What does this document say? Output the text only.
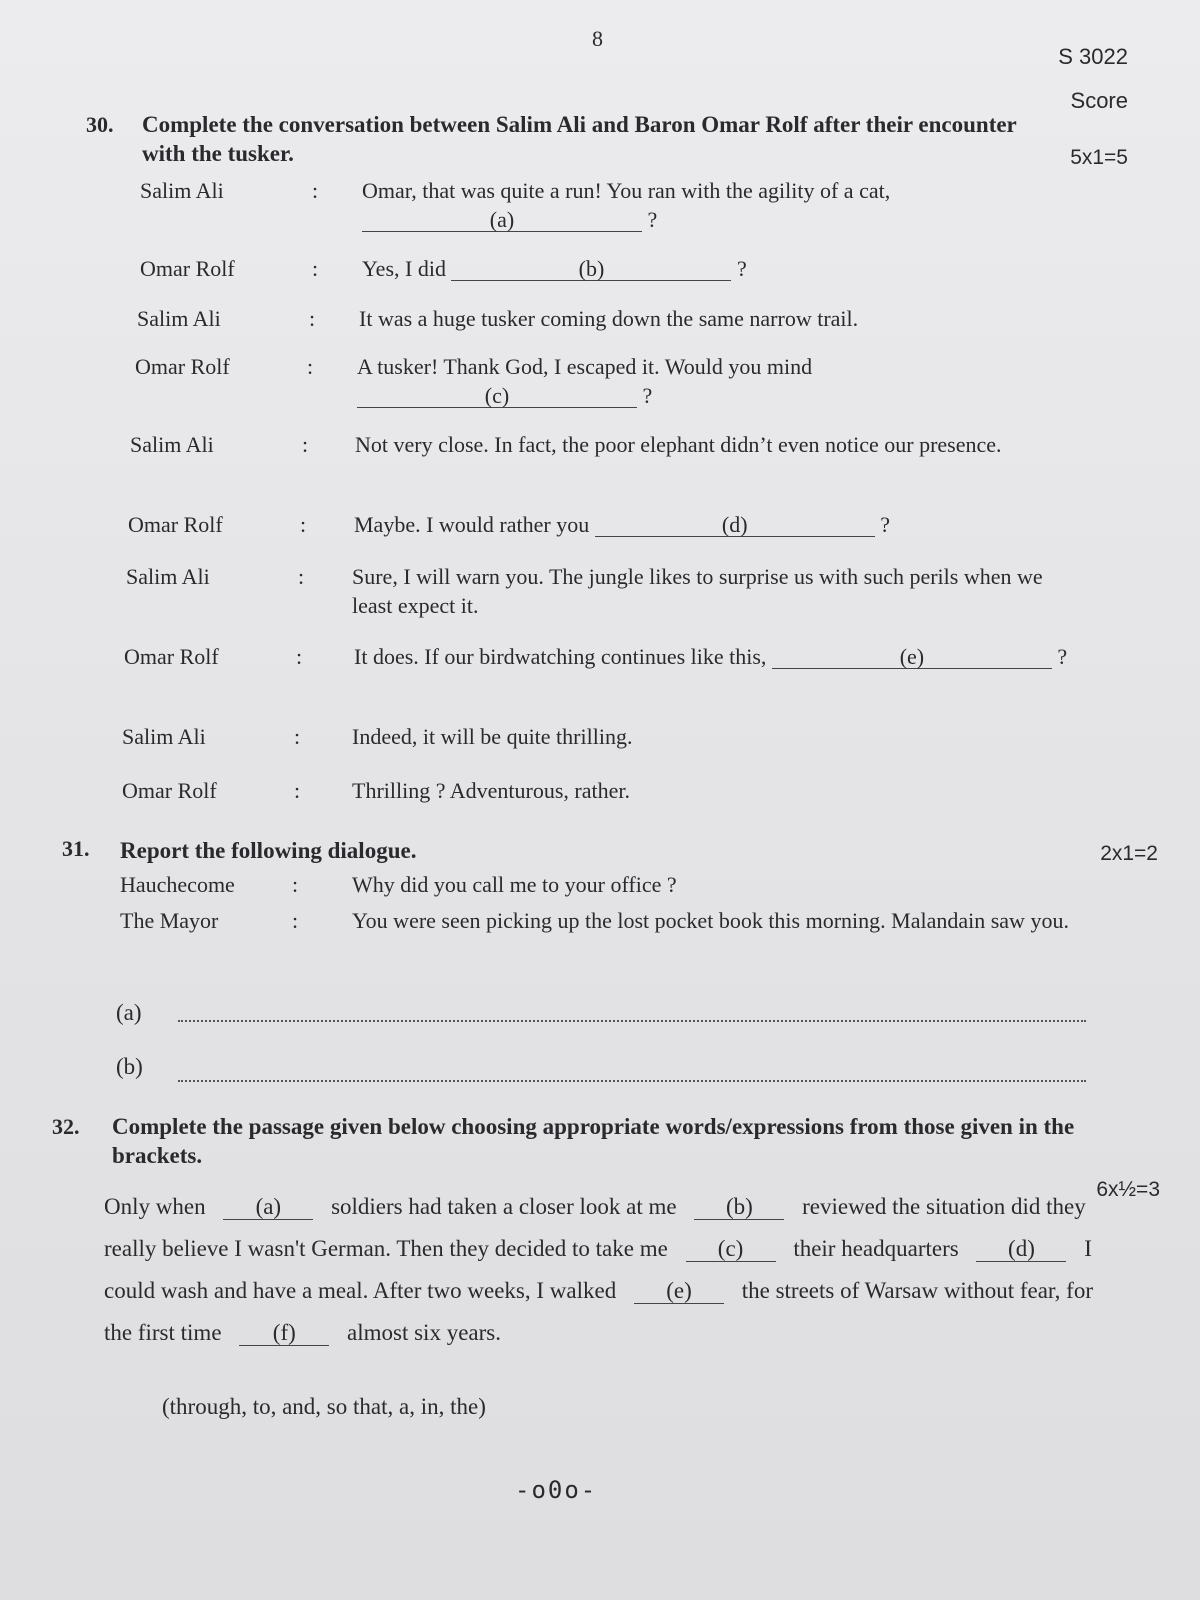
8
S 3022
Score
30. Complete the conversation between Salim Ali and Baron Omar Rolf after their encounter with the tusker.	5x1=5
Salim Ali	: Omar, that was quite a run! You ran with the agility of a cat, (a)	?
Omar Rolf	: Yes, I did	(b)	?
Salim Ali	: It was a huge tusker coming down the same narrow trail.
Omar Rolf	: A tusker! Thank God, I escaped it. Would you mind (c)	?
Salim Ali	: Not very close. In fact, the poor elephant didn’t even notice our presence.
Omar Rolf	: Maybe. I would rather you	(d)	?
Salim Ali	: Sure, I will warn you. The jungle likes to surprise us with such perils when we least expect it.
Omar Rolf	: It does. If our birdwatching continues like this,	(e)	?
Salim Ali	: Indeed, it will be quite thrilling.
Omar Rolf	: Thrilling ? Adventurous, rather.
31. Report the following dialogue.	2x1=2
Hauchecome	: Why did you call me to your office ?
The Mayor	: You were seen picking up the lost pocket book this morning. Malandain saw you.
(a)
(b)
32. Complete the passage given below choosing appropriate words/expressions from those given in the brackets.
6x½=3
Only when (a) soldiers had taken a closer look at me (b) reviewed the situation did they really believe I wasn't German. Then they decided to take me (c) their headquarters (d) I could wash and have a meal. After two weeks, I walked (e) the streets of Warsaw without fear, for the first time (f) almost six years.
(through, to, and, so that, a, in, the)
-o0o-
